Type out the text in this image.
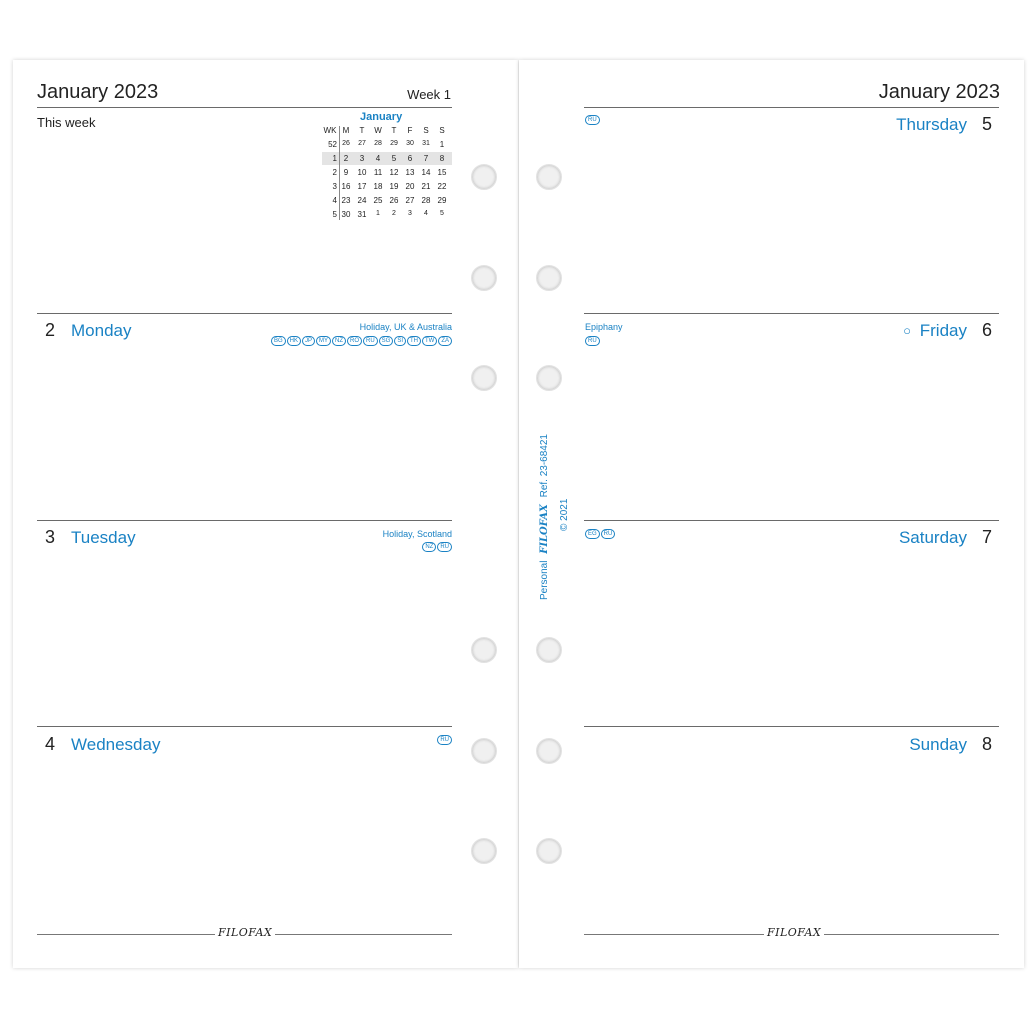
January 2023	Week 1
This week	January
WK M	T	W	T	F	S	S
52 26	27	28	29	30	31	1
1 2	3	4	5	6	7	8
2 9	10 11 12 13 14 15
3 16 17 18 19 20 21 22
4 23 24 25 26 27 28 29
5 30 31	1	2	3	4	5
2 Monday	Holiday, UK & Australia
BG	HK	JP	MY	NZ	RO	RU	SG	SI	TH	TW	ZA
3 Tuesday	Holiday, Scotland
NZ	RU
4 Wednesday	RU
FILOFAX
January 2023
RU	Thursday 5
Epiphany
RU
○ Friday 6
EG	RU	Saturday 7
Sunday 8
Personal FILOFAX Ref. 23-68421
© 2021
FILOFAX
